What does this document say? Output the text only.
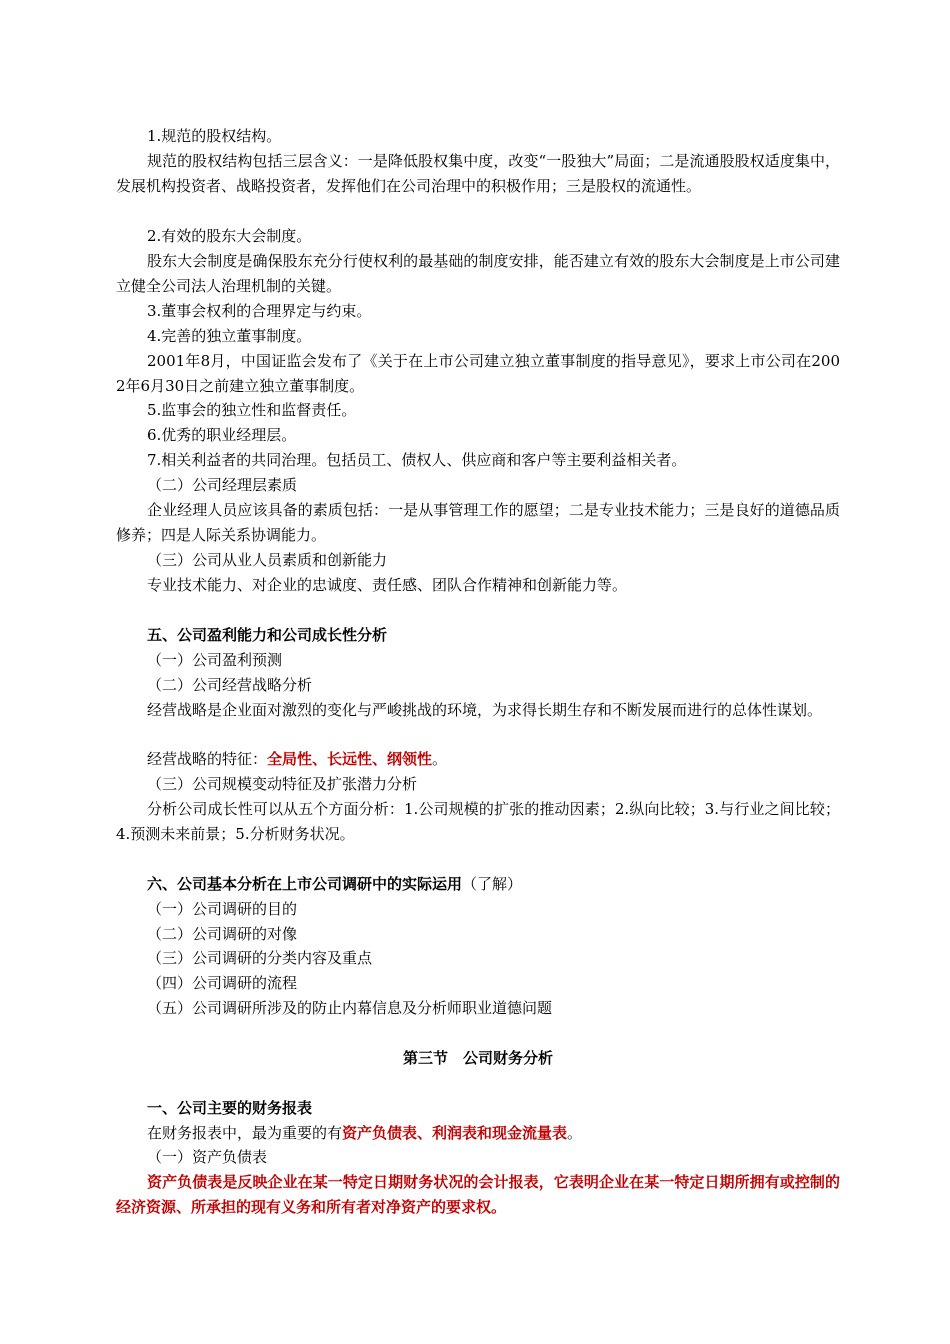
1.规范的股权结构。
规范的股权结构包括三层含义：一是降低股权集中度，改变“一股独大”局面；二是流通股股权适度集中，发展机构投资者、战略投资者，发挥他们在公司治理中的积极作用；三是股权的流通性。
2.有效的股东大会制度。
股东大会制度是确保股东充分行使权利的最基础的制度安排，能否建立有效的股东大会制度是上市公司建立健全公司法人治理机制的关键。
3.董事会权利的合理界定与约束。
4.完善的独立董事制度。
2001年8月，中国证监会发布了《关于在上市公司建立独立董事制度的指导意见》，要求上市公司在2002年6月30日之前建立独立董事制度。
5.监事会的独立性和监督责任。
6.优秀的职业经理层。
7.相关利益者的共同治理。包括员工、债权人、供应商和客户等主要利益相关者。
（二）公司经理层素质
企业经理人员应该具备的素质包括：一是从事管理工作的愿望；二是专业技术能力；三是良好的道德品质修养；四是人际关系协调能力。
（三）公司从业人员素质和创新能力
专业技术能力、对企业的忠诚度、责任感、团队合作精神和创新能力等。
五、公司盈利能力和公司成长性分析
（一）公司盈利预测
（二）公司经营战略分析
经营战略是企业面对激烈的变化与严峻挑战的环境，为求得长期生存和不断发展而进行的总体性谋划。
经营战略的特征：全局性、长远性、纲领性。
（三）公司规模变动特征及扩张潜力分析
分析公司成长性可以从五个方面分析：1.公司规模的扩张的推动因素；2.纵向比较；3.与行业之间比较；4.预测未来前景；5.分析财务状况。
六、公司基本分析在上市公司调研中的实际运用（了解）
（一）公司调研的目的
（二）公司调研的对像
（三）公司调研的分类内容及重点
（四）公司调研的流程
（五）公司调研所涉及的防止内幕信息及分析师职业道德问题
第三节　公司财务分析
一、公司主要的财务报表
在财务报表中，最为重要的有资产负债表、利润表和现金流量表。
（一）资产负债表
资产负债表是反映企业在某一特定日期财务状况的会计报表，它表明企业在某一特定日期所拥有或控制的经济资源、所承担的现有义务和所有者对净资产的要求权。
